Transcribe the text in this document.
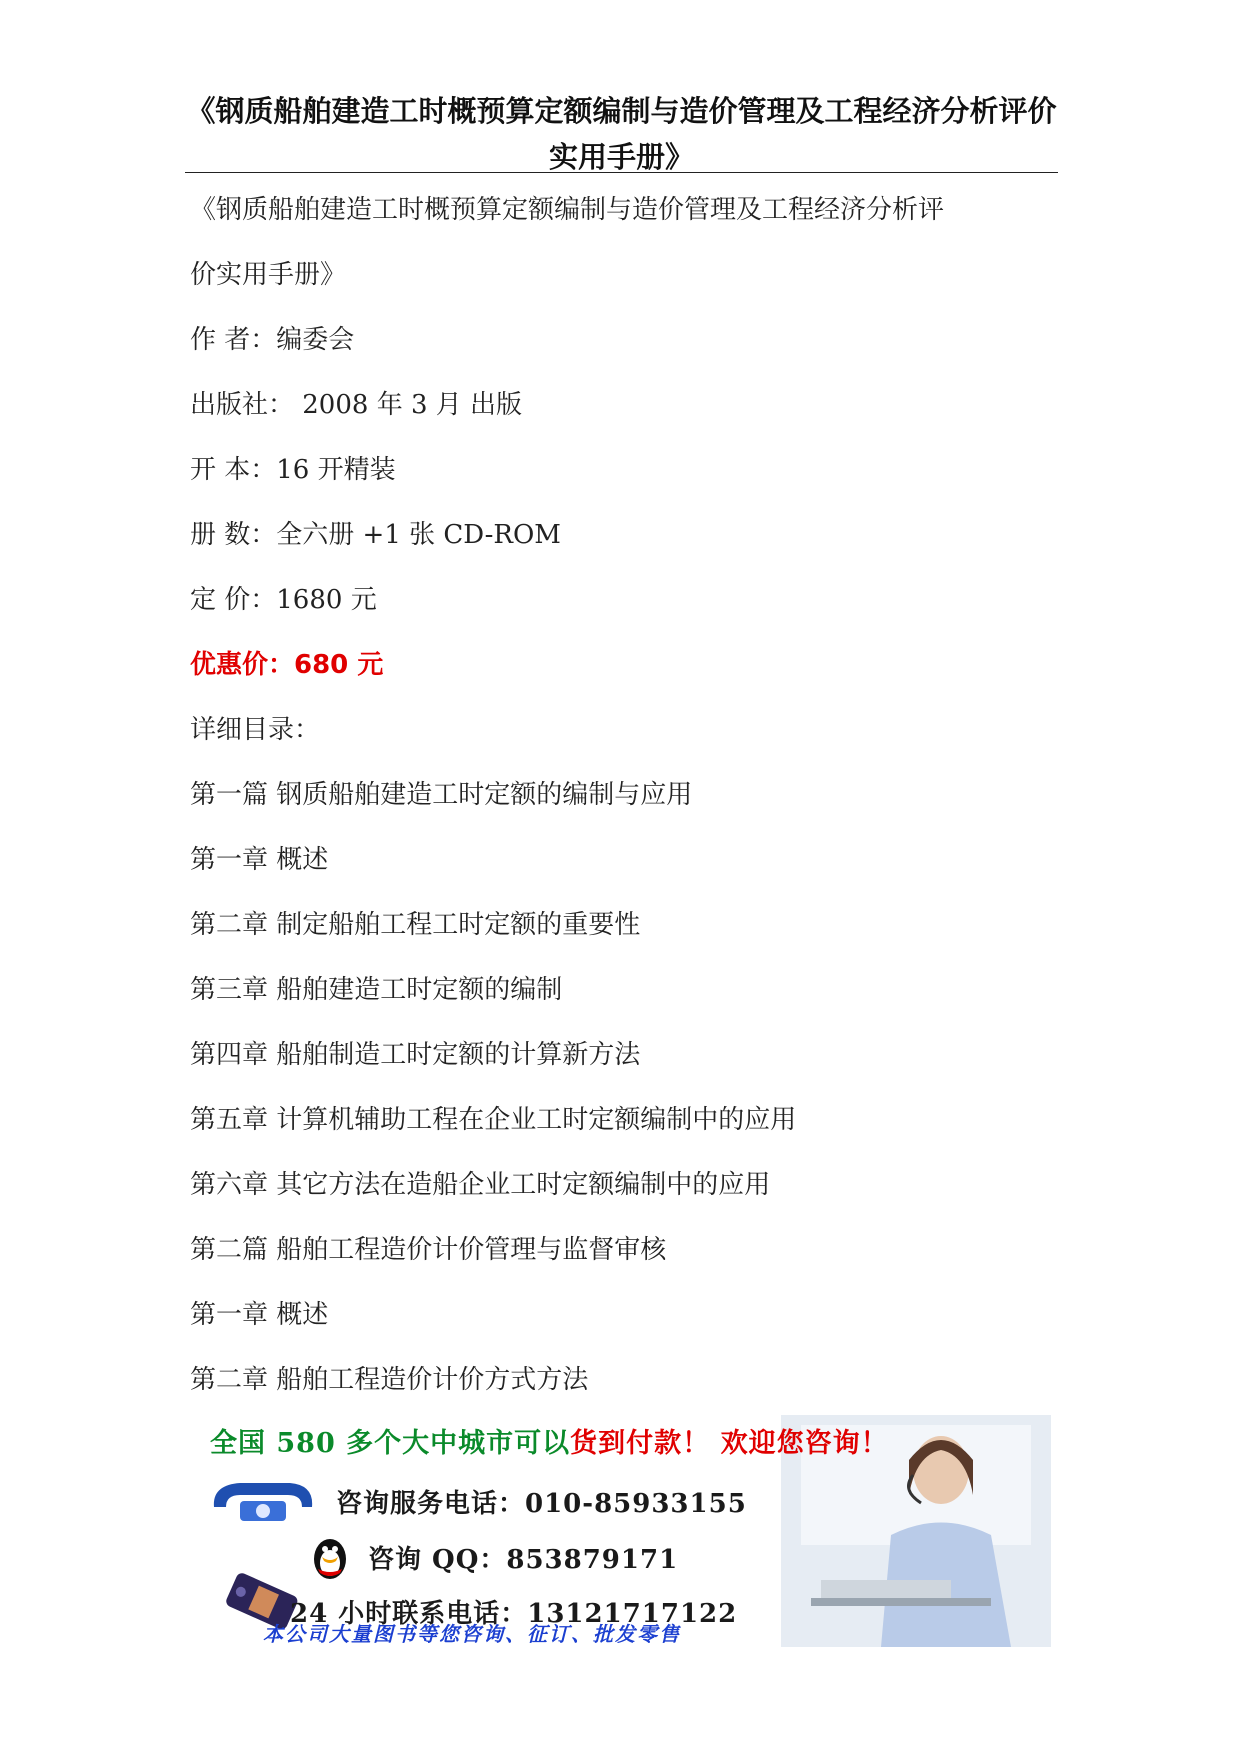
《钢质船舶建造工时概预算定额编制与造价管理及工程经济分析评价实用手册》
《钢质船舶建造工时概预算定额编制与造价管理及工程经济分析评
价实用手册》
作 者：编委会
出版社： 2008 年 3 月 出版
开 本：16 开精装
册 数：全六册 +1 张 CD-ROM
定 价：1680 元
优惠价：680 元
详细目录：
第一篇 钢质船舶建造工时定额的编制与应用
第一章 概述
第二章 制定船舶工程工时定额的重要性
第三章 船舶建造工时定额的编制
第四章 船舶制造工时定额的计算新方法
第五章 计算机辅助工程在企业工时定额编制中的应用
第六章 其它方法在造船企业工时定额编制中的应用
第二篇 船舶工程造价计价管理与监督审核
第一章 概述
第二章 船舶工程造价计价方式方法
全国 580 多个大中城市可以货到付款！ 欢迎您咨询！
咨询服务电话：010-85933155
咨询 QQ：853879171
24 小时联系电话：13121717122
本公司大量图书等您咨询、征订、批发零售
